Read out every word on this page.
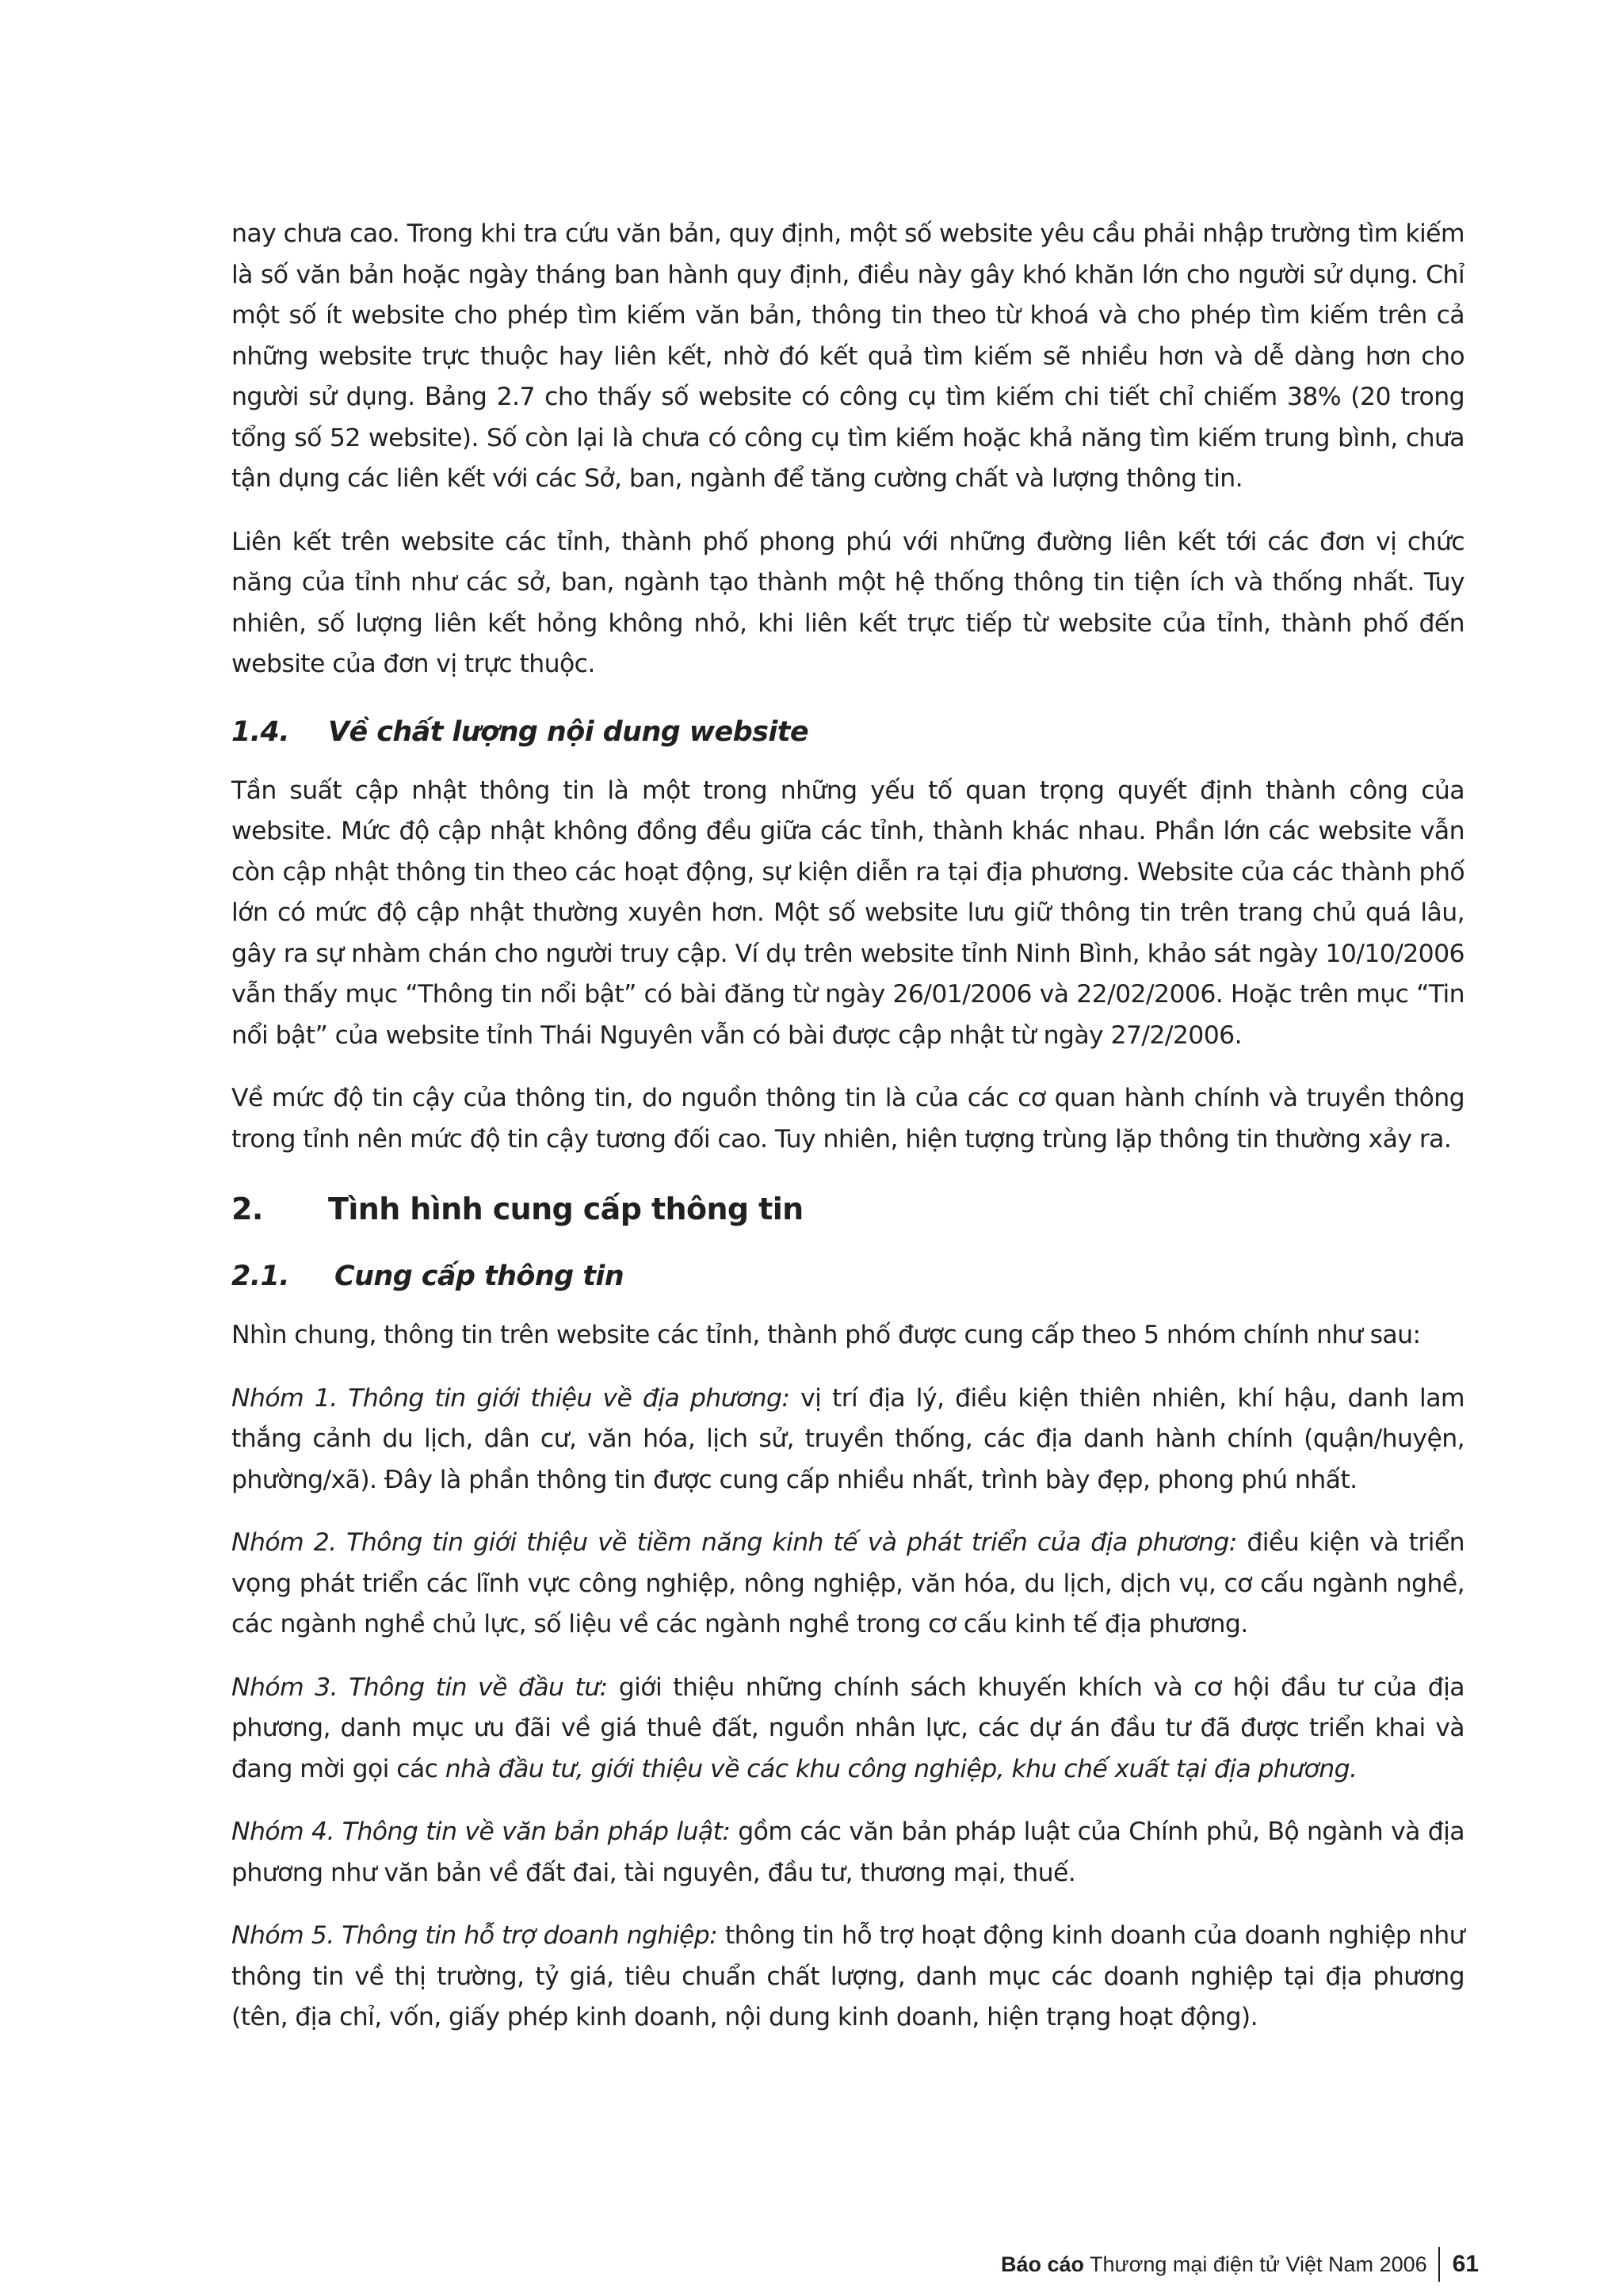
nay chưa cao. Trong khi tra cứu văn bản, quy định, một số website yêu cầu phải nhập trường tìm kiếm là số văn bản hoặc ngày tháng ban hành quy định, điều này gây khó khăn lớn cho người sử dụng. Chỉ một số ít website cho phép tìm kiếm văn bản, thông tin theo từ khoá và cho phép tìm kiếm trên cả những website trực thuộc hay liên kết, nhờ đó kết quả tìm kiếm sẽ nhiều hơn và dễ dàng hơn cho người sử dụng. Bảng 2.7 cho thấy số website có công cụ tìm kiếm chi tiết chỉ chiếm 38% (20 trong tổng số 52 website). Số còn lại là chưa có công cụ tìm kiếm hoặc khả năng tìm kiếm trung bình, chưa tận dụng các liên kết với các Sở, ban, ngành để tăng cường chất và lượng thông tin.

Liên kết trên website các tỉnh, thành phố phong phú với những đường liên kết tới các đơn vị chức năng của tỉnh như các sở, ban, ngành tạo thành một hệ thống thông tin tiện ích và thống nhất. Tuy nhiên, số lượng liên kết hỏng không nhỏ, khi liên kết trực tiếp từ website của tỉnh, thành phố đến website của đơn vị trực thuộc.

1.4.	Về chất lượng nội dung website

Tần suất cập nhật thông tin là một trong những yếu tố quan trọng quyết định thành công của website. Mức độ cập nhật không đồng đều giữa các tỉnh, thành khác nhau. Phần lớn các website vẫn còn cập nhật thông tin theo các hoạt động, sự kiện diễn ra tại địa phương. Website của các thành phố lớn có mức độ cập nhật thường xuyên hơn. Một số website lưu giữ thông tin trên trang chủ quá lâu, gây ra sự nhàm chán cho người truy cập. Ví dụ trên website tỉnh Ninh Bình, khảo sát ngày 10/10/2006 vẫn thấy mục “Thông tin nổi bật” có bài đăng từ ngày 26/01/2006 và 22/02/2006. Hoặc trên mục “Tin nổi bật” của website tỉnh Thái Nguyên vẫn có bài được cập nhật từ ngày 27/2/2006.

Về mức độ tin cậy của thông tin, do nguồn thông tin là của các cơ quan hành chính và truyền thông trong tỉnh nên mức độ tin cậy tương đối cao. Tuy nhiên, hiện tượng trùng lặp thông tin thường xảy ra.

2.	Tình hình cung cấp thông tin
2.1.	Cung cấp thông tin

Nhìn chung, thông tin trên website các tỉnh, thành phố được cung cấp theo 5 nhóm chính như sau:

Nhóm 1. Thông tin giới thiệu về địa phương: vị trí địa lý, điều kiện thiên nhiên, khí hậu, danh lam thắng cảnh du lịch, dân cư, văn hóa, lịch sử, truyền thống, các địa danh hành chính (quận/huyện, phường/xã). Đây là phần thông tin được cung cấp nhiều nhất, trình bày đẹp, phong phú nhất.

Nhóm 2. Thông tin giới thiệu về tiềm năng kinh tế và phát triển của địa phương: điều kiện và triển vọng phát triển các lĩnh vực công nghiệp, nông nghiệp, văn hóa, du lịch, dịch vụ, cơ cấu ngành nghề, các ngành nghề chủ lực, số liệu về các ngành nghề trong cơ cấu kinh tế địa phương.

Nhóm 3. Thông tin về đầu tư: giới thiệu những chính sách khuyến khích và cơ hội đầu tư của địa phương, danh mục ưu đãi về giá thuê đất, nguồn nhân lực, các dự án đầu tư đã được triển khai và đang mời gọi các nhà đầu tư, giới thiệu về các khu công nghiệp, khu chế xuất tại địa phương.

Nhóm 4. Thông tin về văn bản pháp luật: gồm các văn bản pháp luật của Chính phủ, Bộ ngành và địa phương như văn bản về đất đai, tài nguyên, đầu tư, thương mại, thuế.

Nhóm 5. Thông tin hỗ trợ doanh nghiệp: thông tin hỗ trợ hoạt động kinh doanh của doanh nghiệp như thông tin về thị trường, tỷ giá, tiêu chuẩn chất lượng, danh mục các doanh nghiệp tại địa phương (tên, địa chỉ, vốn, giấy phép kinh doanh, nội dung kinh doanh, hiện trạng hoạt động).

Báo cáo Thương mại điện tử Việt Nam 2006 61
